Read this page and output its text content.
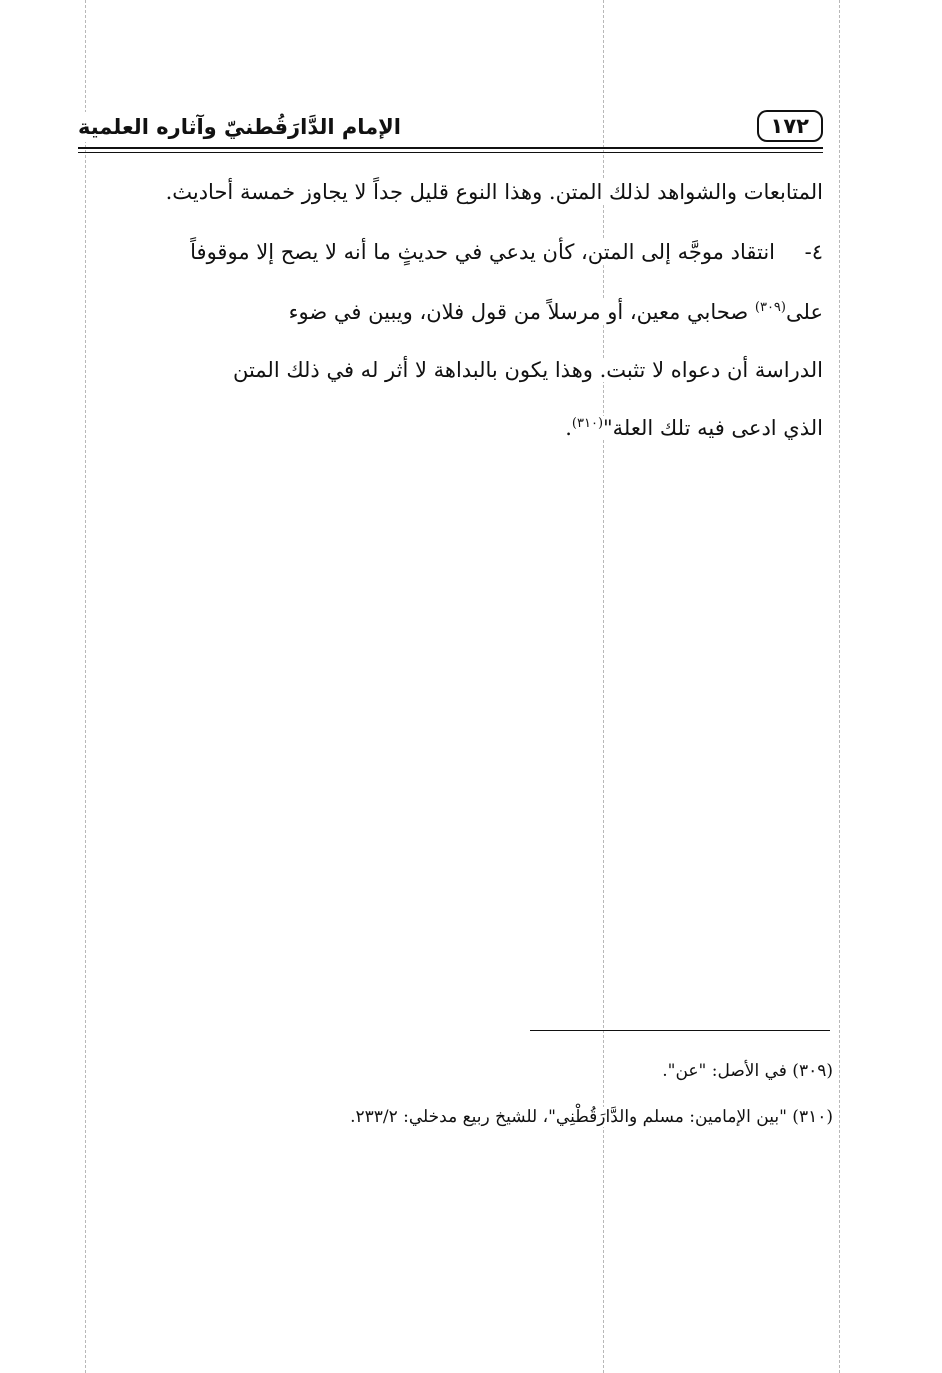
١٧٢
الإمام الدَّارَقُطنيّ وآثاره العلمية
المتابعات والشواهد لذلك المتن. وهذا النوع قليل جداً لا يجاوز خمسة أحاديث.
٤-انتقاد موجَّه إلى المتن، كأن يدعي في حديثٍ ما أنه لا يصح إلا موقوفاً
على$^{(٣٠٩)}$ صحابي معين، أو مرسلاً من قول فلان، ويبين في ضوء
الدراسة أن دعواه لا تثبت. وهذا يكون بالبداهة لا أثر له في ذلك المتن
الذي ادعى فيه تلك العلة"$^{(٣١٠)}$.
(٣٠٩) في الأصل: "عن".
(٣١٠) "بين الإمامين: مسلم والدَّارَقُطْنِي"، للشيخ ربيع مدخلي: ٢٣٣/٢.
